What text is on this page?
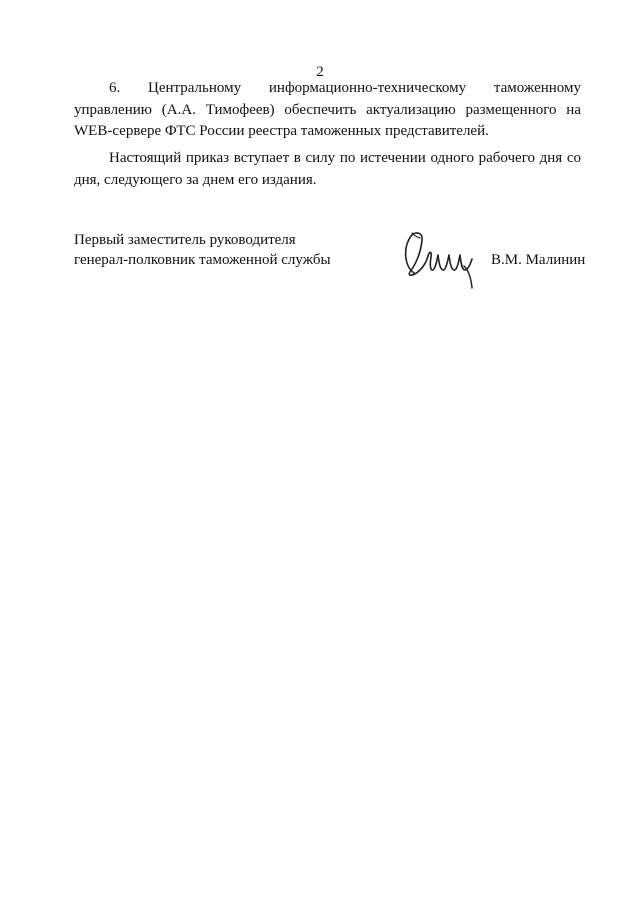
2

6. Центральному информационно-техническому таможенному управлению (А.А. Тимофеев) обеспечить актуализацию размещенного на WEB-сервере ФТС России реестра таможенных представителей.

Настоящий приказ вступает в силу по истечении одного рабочего дня со дня, следующего за днем его издания.

Первый заместитель руководителя
генерал-полковник таможенной службы	В.М. Малинин
